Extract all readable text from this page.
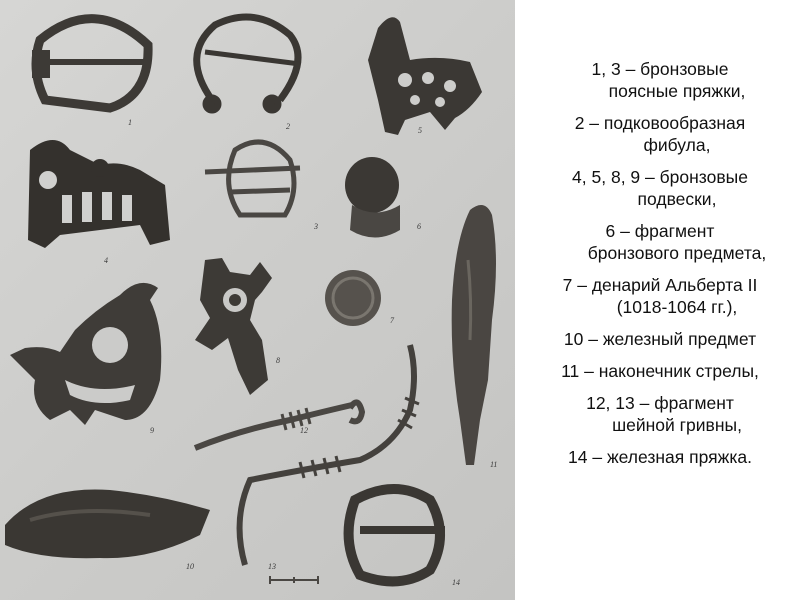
1	2
3
4
5
6
7
8
9
10
11
12
13
14
1, 3 – бронзовые
поясные пряжки,
2 – подковообразная
фибула,
4, 5, 8, 9 – бронзовые
подвески,
6 – фрагмент
бронзового предмета,
7 – денарий Альберта II
(1018-1064 гг.),
10 – железный предмет
11 – наконечник стрелы,
12, 13 – фрагмент
шейной гривны,
14 – железная пряжка.
